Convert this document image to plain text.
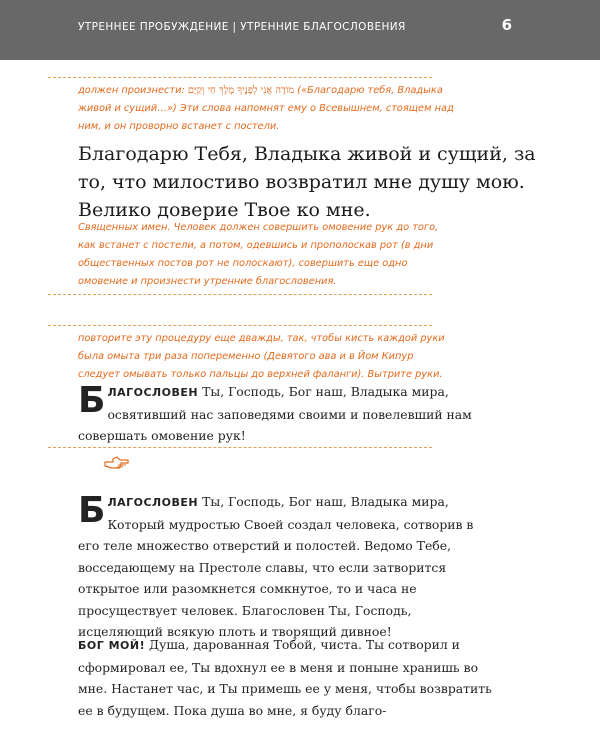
УТРЕННЕЕ ПРОБУЖДЕНИЕ | УТРЕННИЕ БЛАГОСЛОВЕНИЯ	6
должен произнести: מוֹדֶה אֲנִי לְפָנֶיךָ מֶלֶךְ חַי וְקַיָּם («Благодарю тебя, Владыка живой и сущий…») Эти слова напомнят ему о Всевышнем, стоящем над ним, и он проворно встанет с постели.
Благодарю Тебя, Владыка живой и сущий, за то, что милостиво возвратил мне душу мою. Велико доверие Твое ко мне.
Священных имен. Человек должен совершить омовение рук до того, как встанет с постели, а потом, одевшись и прополоскав рот (в дни общественных постов рот не полоскают), совершить еще одно омовение и произнести утренние благословения.
повторите эту процедуру еще дважды, так, чтобы кисть каждой руки была омыта три раза попеременно (Девятого ава и в Йом Кипур следует омывать только пальцы до верхней фаланги). Вытрите руки.
БЛАГОСЛОВЕН Ты, Господь, Бог наш, Владыка мира, освятивший нас заповедями своими и повелевший нам совершать омовение рук!
БЛАГОСЛОВЕН Ты, Господь, Бог наш, Владыка мира, Который мудростью Своей создал человека, сотворив в его теле множество отверстий и полостей. Ведомо Тебе, восседающему на Престоле славы, что если затворится открытое или разомкнется сомкнутое, то и часа не просуществует человек. Благословен Ты, Господь, исцеляющий всякую плоть и творящий дивное!
БОГ МОЙ! Душа, дарованная Тобой, чиста. Ты сотворил и сформировал ее, Ты вдохнул ее в меня и поныне хранишь во мне. Настанет час, и Ты примешь ее у меня, чтобы возвратить ее в будущем. Пока душа во мне, я буду благо-
